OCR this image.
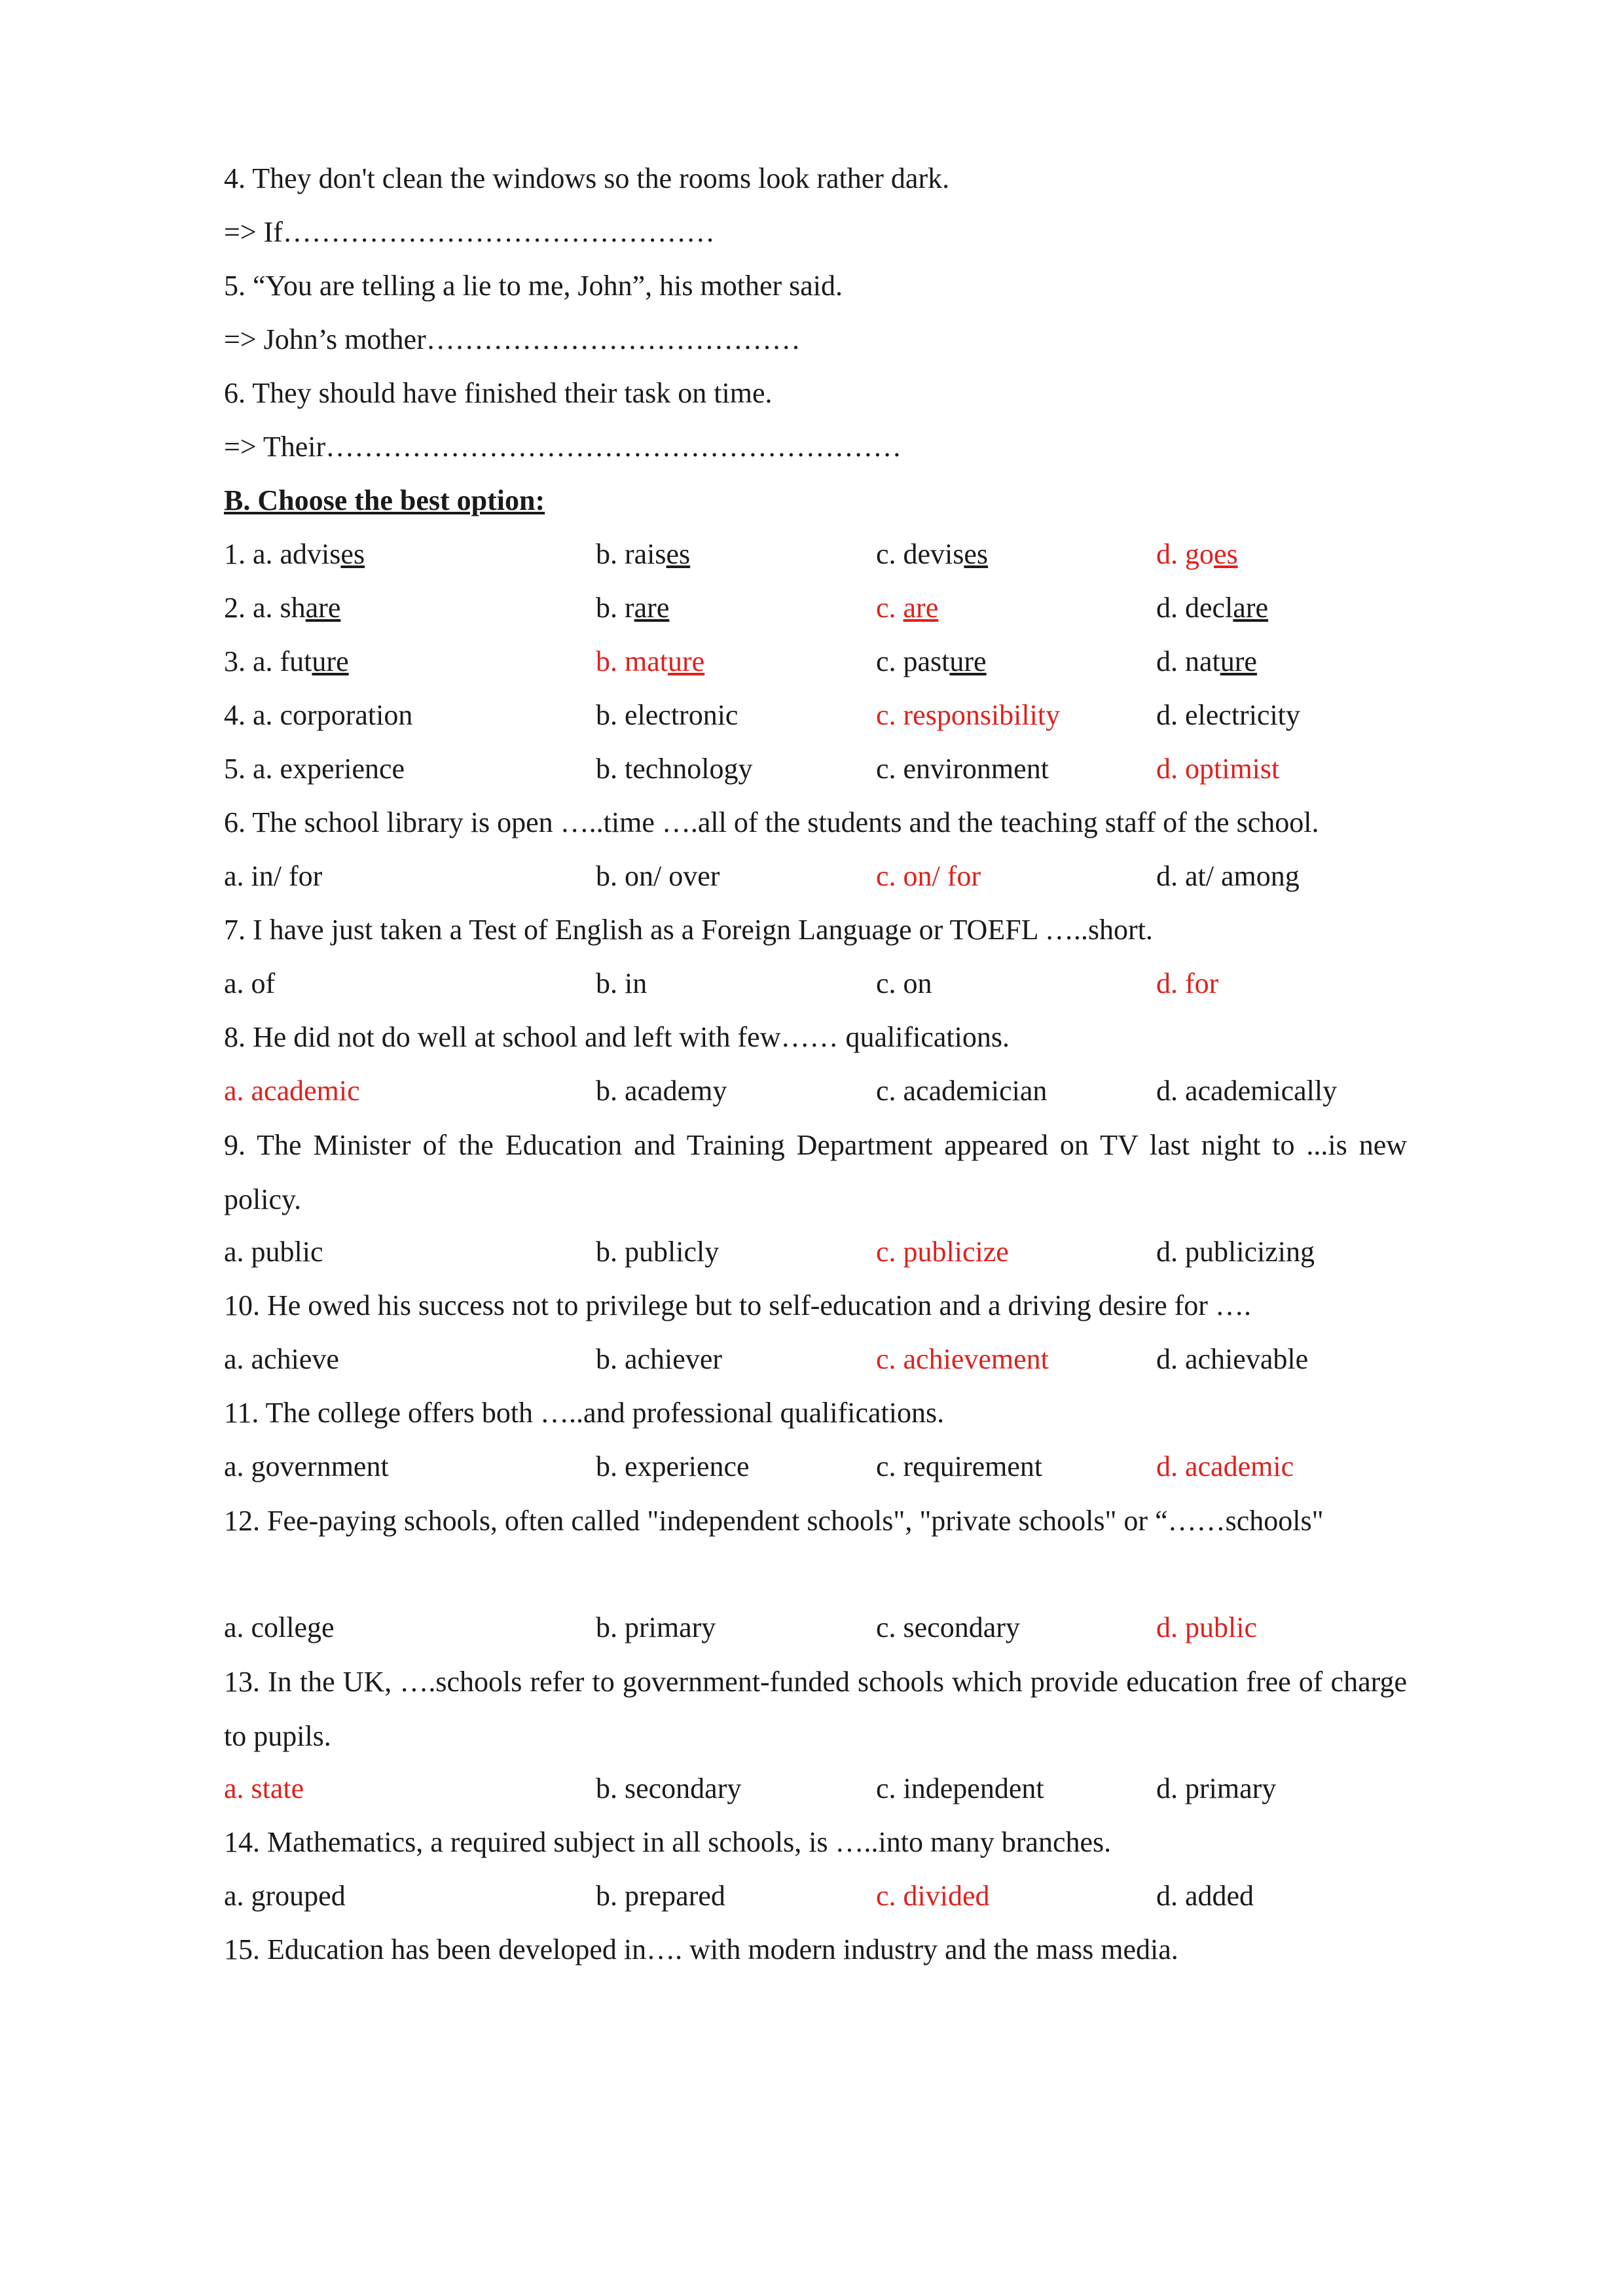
4. They don't clean the windows so the rooms look rather dark.
=> If………………………………………
5. “You are telling a lie to me, John”, his mother said.
=> John’s mother…………………………………
6. They should have finished their task on time.
=> Their……………………………………………………
B. Choose the best option:
1. a. advises	b. raises	c. devises	d. goes
2. a. share	b. rare	c. are	d. declare
3. a. future	b. mature	c. pasture	d. nature
4. a. corporation	b. electronic	c. responsibility	d. electricity
5. a. experience	b. technology	c. environment	d. optimist
6. The school library is open …..time ….all of the students and the teaching staff of the school.
a. in/ for	b. on/ over	c. on/ for	d. at/ among
7. I have just taken a Test of English as a Foreign Language or TOEFL …..short.
a. of	b. in	c. on	d. for
8. He did not do well at school and left with few…… qualifications.
a. academic	b. academy	c. academician	d. academically
9. The Minister of the Education and Training Department appeared on TV last night to ...is new policy.
a. public	b. publicly	c. publicize	d. publicizing
10. He owed his success not to privilege but to self-education and a driving desire for ….
a. achieve	b. achiever	c. achievement	d. achievable
11. The college offers both …..and professional qualifications.
a. government	b. experience	c. requirement	d. academic
12. Fee-paying schools, often called "independent schools", "private schools" or “……schools"
a. college	b. primary	c. secondary	d. public
13. In the UK, ….schools refer to government-funded schools which provide education free of charge to pupils.
a. state	b. secondary	c. independent	d. primary
14. Mathematics, a required subject in all schools, is …..into many branches.
a. grouped	b. prepared	c. divided	d. added
15. Education has been developed in…. with modern industry and the mass media.
